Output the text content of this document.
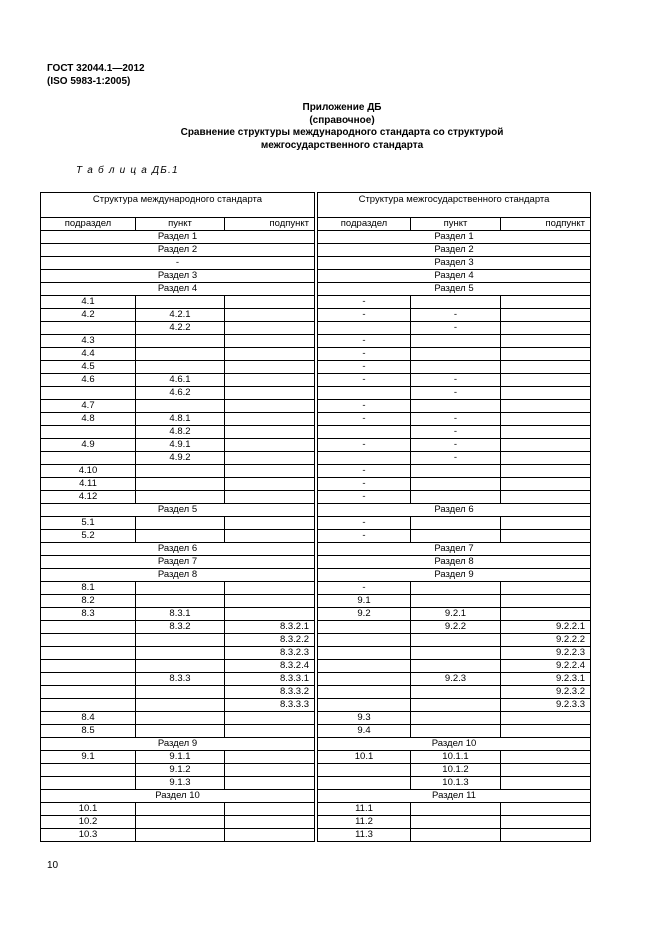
ГОСТ 32044.1—2012
(ISO 5983-1:2005)
Приложение ДБ
(справочное)
Сравнение структуры международного стандарта со структурой
межгосударственного стандарта
Т а б л и ц а ДБ.1
Структура международного стандарта				Структура межгосударственного стандарта		
подраздел	пункт	подпункт		подраздел	пункт	подпункт
Раздел 1				Раздел 1		
Раздел 2				Раздел 2		
-				Раздел 3		
Раздел 3				Раздел 4		
Раздел 4				Раздел 5		
4.1				-		
4.2	4.2.1			-	-	
	4.2.2				-	
4.3				-		
4.4				-		
4.5				-		
4.6	4.6.1			-	-	
	4.6.2				-	
4.7				-		
4.8	4.8.1			-	-	
	4.8.2				-	
4.9	4.9.1			-	-	
	4.9.2				-	
4.10				-		
4.11				-		
4.12				-		
Раздел 5				Раздел 6		
5.1				-		
5.2				-		
Раздел 6				Раздел 7		
Раздел 7				Раздел 8		
Раздел 8				Раздел 9		
8.1				-		
8.2				9.1		
8.3	8.3.1			9.2	9.2.1	
	8.3.2	8.3.2.1			9.2.2	9.2.2.1
		8.3.2.2				9.2.2.2
		8.3.2.3				9.2.2.3
		8.3.2.4				9.2.2.4
	8.3.3	8.3.3.1			9.2.3	9.2.3.1
		8.3.3.2				9.2.3.2
		8.3.3.3				9.2.3.3
8.4				9.3		
8.5				9.4		
Раздел 9				Раздел 10		
9.1	9.1.1			10.1	10.1.1	
	9.1.2				10.1.2	
	9.1.3				10.1.3	
Раздел 10				Раздел 11		
10.1				11.1		
10.2				11.2		
10.3				11.3		
10
